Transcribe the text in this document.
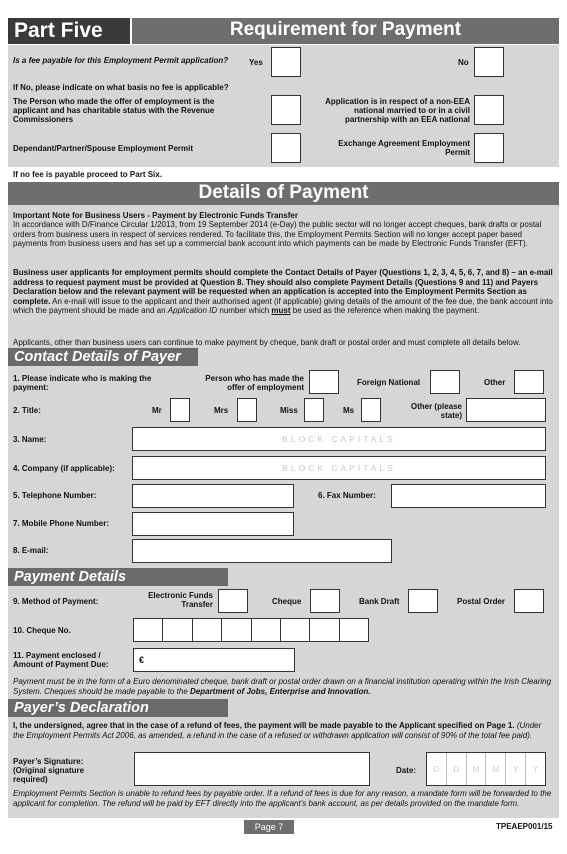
Part Five	Requirement for Payment
Is a fee payable for this Employment Permit application?	Yes	No
If No, please indicate on what basis no fee is applicable?
The Person who made the offer of employment is the applicant and has charitable status with the Revenue Commissioners
Application is in respect of a non-EEA national married to or in a civil partnership with an EEA national
Dependant/Partner/Spouse Employment Permit
Exchange Agreement Employment Permit
If no fee is payable proceed to Part Six.
Details of Payment
Important Note for Business Users - Payment by Electronic Funds Transfer
In accordance with D/Finance Circular 1/2013, from 19 September 2014 (e-Day) the public sector will no longer accept cheques, bank drafts or postal orders from business users in respect of services rendered. To facilitate this, the Employment Permits Section will no longer accept paper based payments from business users and has set up a commercial bank account into which payments can be made by Electronic Funds Transfer (EFT).
Business user applicants for employment permits should complete the Contact Details of Payer (Questions 1, 2, 3, 4, 5, 6, 7, and 8) – an e-mail address to request payment must be provided at Question 8. They should also complete Payment Details (Questions 9 and 11) and Payers Declaration below and the relevant payment will be requested when an application is accepted into the Employment Permits Section as complete. An e-mail will issue to the applicant and their authorised agent (if applicable) giving details of the amount of the fee due, the bank account into which the payment should be made and an Application ID number which must be used as the reference when making the payment.
Applicants, other than business users can continue to make payment by cheque, bank draft or postal order and must complete all details below.
Contact Details of Payer
1. Please indicate who is making the payment:
Person who has made the offer of employment
Foreign National	Other
2. Title:	Mr	Mrs	Miss	Ms	Other (please state)
3. Name:	BLOCK CAPITALS
4. Company (if applicable):	BLOCK CAPITALS
5. Telephone Number:	6. Fax Number:
7. Mobile Phone Number:
8. E-mail:
Payment Details
9. Method of Payment:
Electronic Funds Transfer	Cheque	Bank Draft	Postal Order
10. Cheque No.
11. Payment enclosed / Amount of Payment Due:	€
Payment must be in the form of a Euro denominated cheque, bank draft or postal order drawn on a financial institution operating within the Irish Clearing System. Cheques should be made payable to the Department of Jobs, Enterprise and Innovation.
Payer’s Declaration
I, the undersigned, agree that in the case of a refund of fees, the payment will be made payable to the Applicant specified on Page 1. (Under the Employment Permits Act 2006, as amended, a refund in the case of a refused or withdrawn application will consist of 90% of the total fee paid).
Payer’s Signature: (Original signature required)
Date:	D	D	M	M	Y	Y
Employment Permits Section is unable to refund fees by payable order. If a refund of fees is due for any reason, a mandate form will be forwarded to the applicant for completion. The refund will be paid by EFT directly into the applicant's bank account, as per details provided on the mandate form.
Page 7	TPEAEP001/15
